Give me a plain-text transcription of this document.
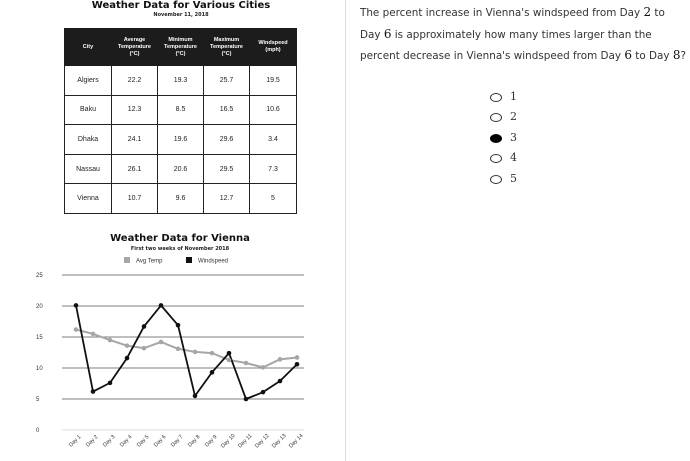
Weather Data for Various Cities
November 11, 2018
City	Average Temperature (°C)	Minimum Temperature (°C)	Maximum Temperature (°C)	Windspeed (mph)
Algiers	22.2	19.3	25.7	19.5
Baku	12.3	8.5	16.5	10.6
Dhaka	24.1	19.6	29.6	3.4
Nassau	26.1	20.6	29.5	7.3
Vienna	10.7	9.6	12.7	5
Weather Data for Vienna
First two weeks of November 2018
Avg Temp	Windspeed
0
5
10
15
20
25
Day 1 Day 2 Day 3 Day 4 Day 5 Day 6 Day 7 Day 8 Day 9 Day 10 Day 11 Day 12 Day 13 Day 14
The percent increase in Vienna's windspeed from Day 2 to Day 6 is approximately how many times larger than the percent decrease in Vienna's windspeed from Day 6 to Day 8?
1
2
3
4
5
